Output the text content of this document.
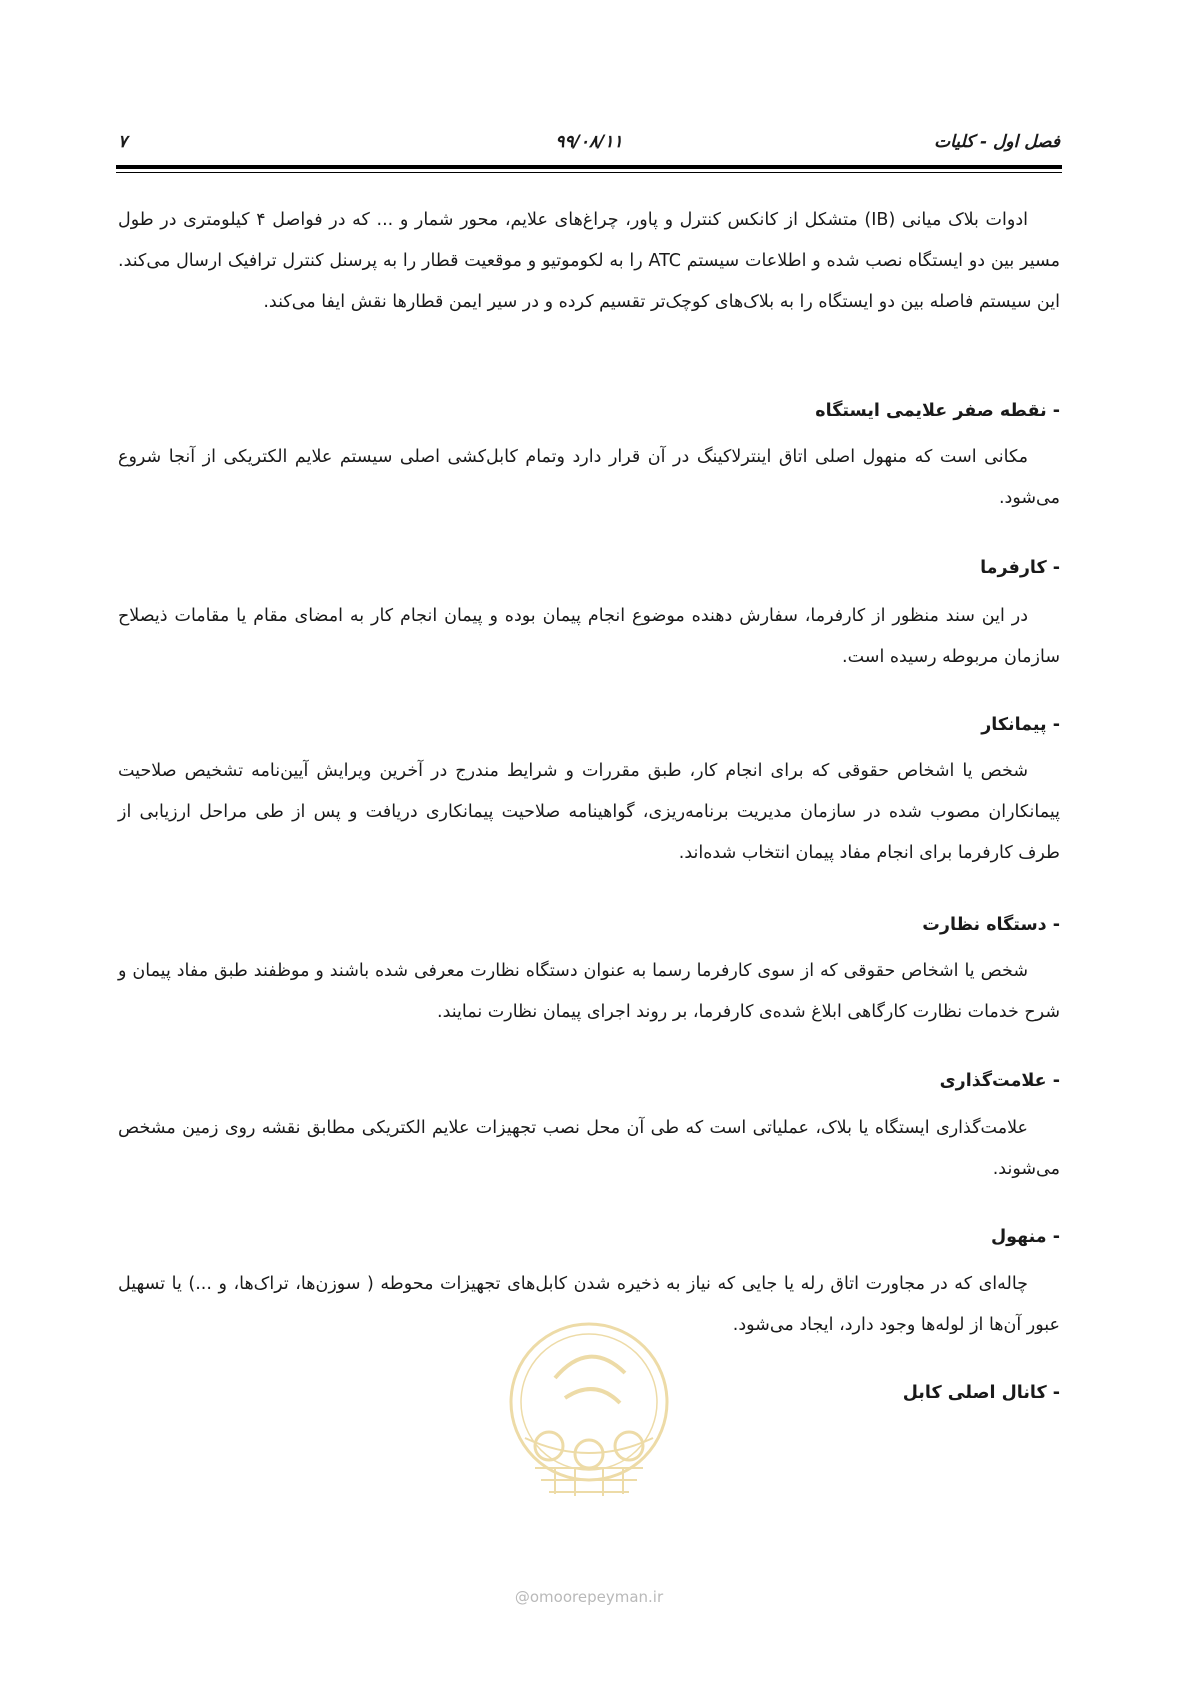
فصل اول - کلیات
۹۹/۰۸/۱۱
۷

ادوات بلاک میانی (IB) متشکل از کانکس کنترل و پاور، چراغ‌های علایم، محور شمار و ... که در فواصل ۴ کیلومتری در طول مسیر بین دو ایستگاه نصب شده و اطلاعات سیستم ATC را به لکوموتیو و موقعیت قطار را به پرسنل کنترل ترافیک ارسال می‌کند. این سیستم فاصله بین دو ایستگاه را به بلاک‌های کوچک‌تر تقسیم کرده و در سیر ایمن قطارها نقش ایفا می‌کند.

- نقطه صفر علایمی ایستگاه

مکانی است که منهول اصلی اتاق اینترلاکینگ در آن قرار دارد وتمام کابل‌کشی اصلی سیستم علایم الکتریکی از آنجا شروع می‌شود.

- کارفرما

در این سند منظور از کارفرما، سفارش دهنده موضوع انجام پیمان بوده و پیمان انجام کار به امضای مقام یا مقامات ذیصلاح سازمان مربوطه رسیده است.

- پیمانکار

شخص یا اشخاص حقوقی که برای انجام کار، طبق مقررات و شرایط مندرج در آخرین ویرایش آیین‌نامه تشخیص صلاحیت پیمانکاران مصوب شده در سازمان مدیریت برنامه‌ریزی، گواهینامه صلاحیت پیمانکاری دریافت و پس از طی مراحل ارزیابی از طرف کارفرما برای انجام مفاد پیمان انتخاب شده‌اند.

- دستگاه نظارت

شخص یا اشخاص حقوقی که از سوی کارفرما رسما به عنوان دستگاه نظارت معرفی شده باشند و موظفند طبق مفاد پیمان و شرح خدمات نظارت کارگاهی ابلاغ شده‌ی کارفرما، بر روند اجرای پیمان نظارت نمایند.

- علامت‌گذاری

علامت‌گذاری ایستگاه یا بلاک، عملیاتی است که طی آن محل نصب تجهیزات علایم الکتریکی مطابق نقشه روی زمین مشخص می‌شوند.

- منهول

چاله‌ای که در مجاورت اتاق رله یا جایی که نیاز به ذخیره شدن کابل‌های تجهیزات محوطه ( سوزن‌ها، تراک‌ها، و ...) یا تسهیل عبور آن‌ها از لوله‌ها وجود دارد، ایجاد می‌شود.

- کانال اصلی کابل

@omoorepeyman.ir
